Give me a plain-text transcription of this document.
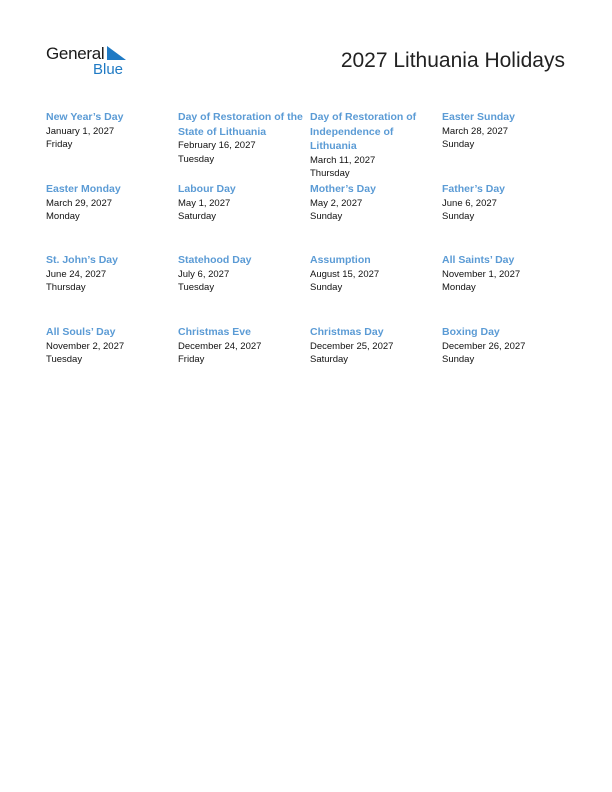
General
Blue	2027 Lithuania Holidays
New Year’s Day
January 1, 2027
Friday
Day of Restoration of the State of Lithuania
February 16, 2027
Tuesday
Day of Restoration of Independence of Lithuania
March 11, 2027
Thursday
Easter Sunday
March 28, 2027
Sunday
Easter Monday
March 29, 2027
Monday
Labour Day
May 1, 2027
Saturday
Mother’s Day
May 2, 2027
Sunday
Father’s Day
June 6, 2027
Sunday
St. John’s Day
June 24, 2027
Thursday
Statehood Day
July 6, 2027
Tuesday
Assumption
August 15, 2027
Sunday
All Saints’ Day
November 1, 2027
Monday
All Souls’ Day
November 2, 2027
Tuesday
Christmas Eve
December 24, 2027
Friday
Christmas Day
December 25, 2027
Saturday
Boxing Day
December 26, 2027
Sunday
